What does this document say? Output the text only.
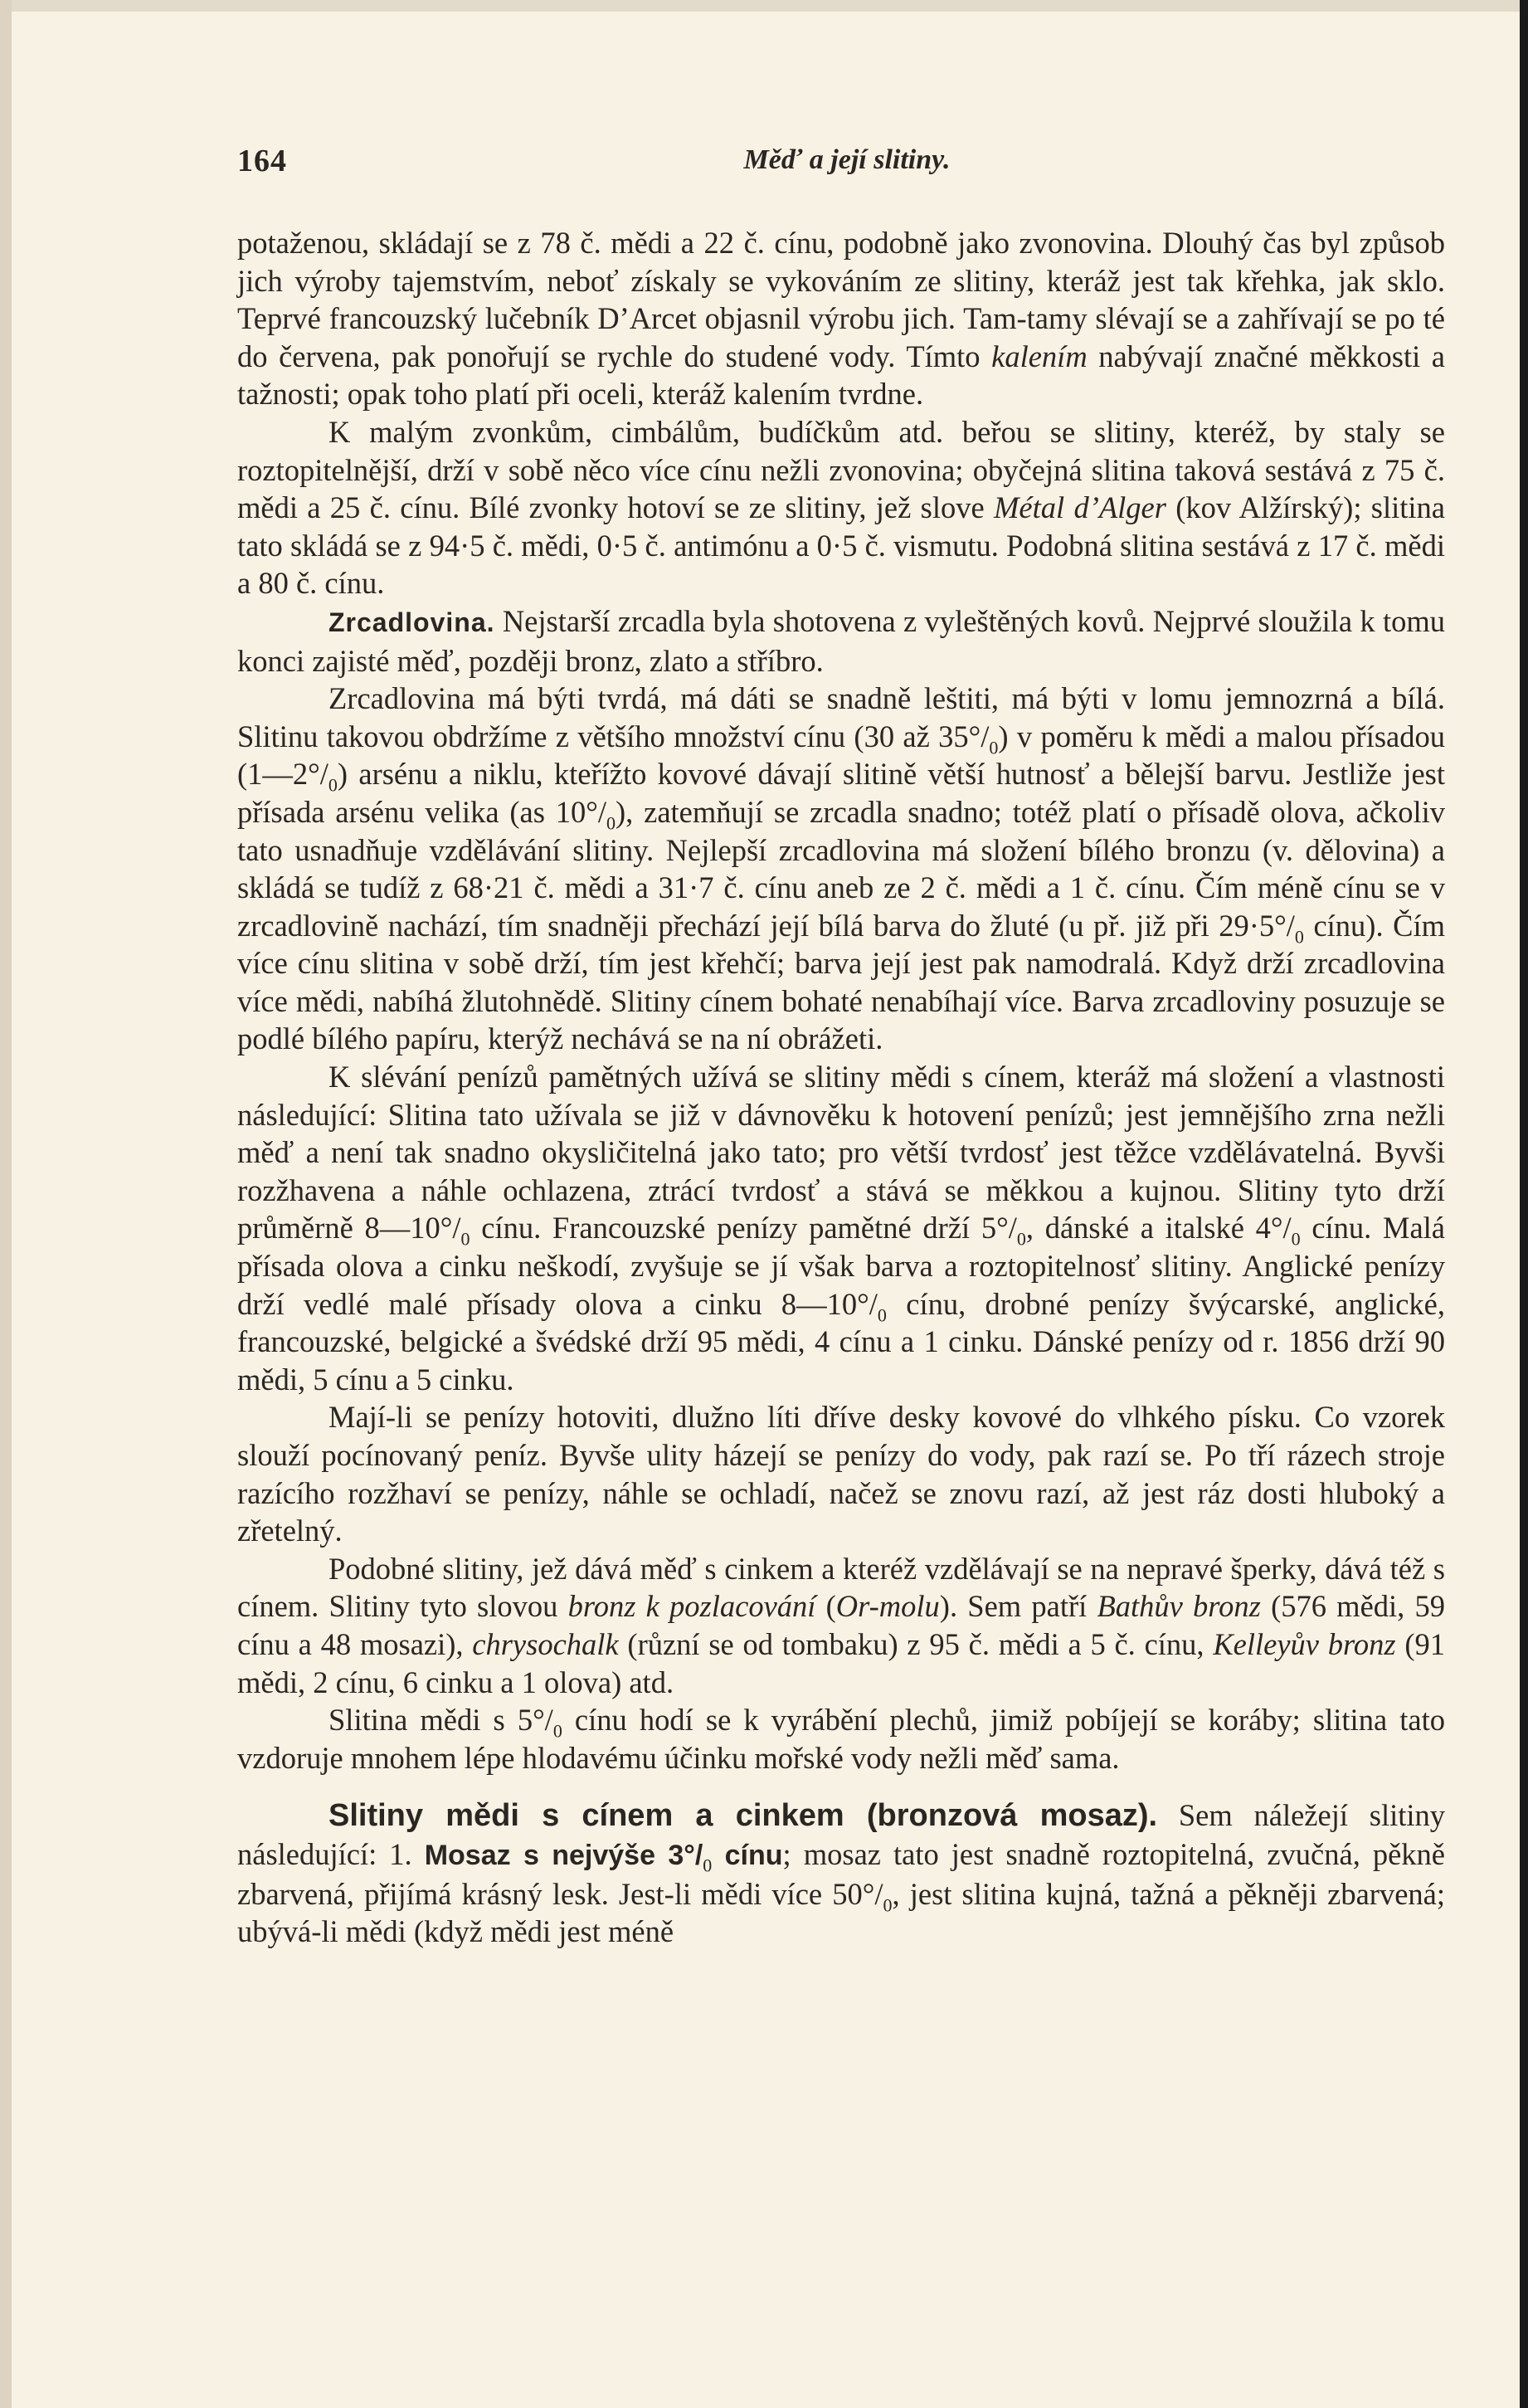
164	Měď a její slitiny.

potaženou, skládají se z 78 č. mědi a 22 č. cínu, podobně jako zvonovina. Dlouhý čas byl způsob jich výroby tajemstvím, neboť získaly se vykováním ze slitiny, kteráž jest tak křehka, jak sklo. Teprvé francouzský lučebník D’Arcet objasnil výrobu jich. Tam-tamy slévají se a zahřívají se po té do červena, pak ponořují se rychle do studené vody. Tímto kalením nabývají značné měkkosti a tažnosti; opak toho platí při oceli, kteráž kalením tvrdne.

K malým zvonkům, cimbálům, budíčkům atd. beřou se slitiny, kteréž, by staly se roztopitelnější, drží v sobě něco více cínu nežli zvonovina; obyčejná slitina taková sestává z 75 č. mědi a 25 č. cínu. Bílé zvonky hotoví se ze slitiny, jež slove Métal d’Alger (kov Alžírský); slitina tato skládá se z 94·5 č. mědi, 0·5 č. antimónu a 0·5 č. vismutu. Podobná slitina sestává z 17 č. mědi a 80 č. cínu.

Zrcadlovina. Nejstarší zrcadla byla shotovena z vyleštěných kovů. Nejprvé sloužila k tomu konci zajisté měď, později bronz, zlato a stříbro.

Zrcadlovina má býti tvrdá, má dáti se snadně leštiti, má býti v lomu jemnozrná a bílá. Slitinu takovou obdržíme z většího množství cínu (30 až $35^\circ/_0$) v poměru k mědi a malou přísadou $(1—2^\circ/_0)$ arsénu a niklu, kteřížto kovové dávají slitině větší hutnosť a bělejší barvu. Jestliže jest přísada arsénu velika (as $10^\circ/_0$), zatemňují se zrcadla snadno; totéž platí o přísadě olova, ačkoliv tato usnadňuje vzdělávání slitiny. Nejlepší zrcadlovina má složení bílého bronzu (v. dělovina) a skládá se tudíž z 68·21 č. mědi a 31·7 č. cínu aneb ze 2 č. mědi a 1 č. cínu. Čím méně cínu se v zrcadlovině nachází, tím snadněji přechází její bílá barva do žluté (u př. již při $29\cdot 5^\circ/_0$ cínu). Čím více cínu slitina v sobě drží, tím jest křehčí; barva její jest pak namodralá. Když drží zrcadlovina více mědi, nabíhá žlutohnědě. Slitiny cínem bohaté nenabíhají více. Barva zrcadloviny posuzuje se podlé bílého papíru, kterýž nechává se na ní obrážeti.

K slévání penízů pamětných užívá se slitiny mědi s cínem, kteráž má složení a vlastnosti následující: Slitina tato užívala se již v dávnověku k hotovení penízů; jest jemnějšího zrna nežli měď a není tak snadno okysličitelná jako tato; pro větší tvrdosť jest těžce vzdělávatelná. Byvši rozžhavena a náhle ochlazena, ztrácí tvrdosť a stává se měkkou a kujnou. Slitiny tyto drží průměrně $8—10^\circ/_0$ cínu. Francouzské penízy pamětné drží $5^\circ/_0$, dánské a italské $4^\circ/_0$ cínu. Malá přísada olova a cinku neškodí, zvyšuje se jí však barva a roztopitelnosť slitiny. Anglické penízy drží vedlé malé přísady olova a cinku $8—10^\circ/_0$ cínu, drobné penízy švýcarské, anglické, francouzské, belgické a švédské drží 95 mědi, 4 cínu a 1 cinku. Dánské penízy od r. 1856 drží 90 mědi, 5 cínu a 5 cinku.

Mají-li se penízy hotoviti, dlužno líti dříve desky kovové do vlhkého písku. Co vzorek slouží pocínovaný peníz. Byvše ulity házejí se penízy do vody, pak razí se. Po tří rázech stroje razícího rozžhaví se penízy, náhle se ochladí, načež se znovu razí, až jest ráz dosti hluboký a zřetelný.

Podobné slitiny, jež dává měď s cinkem a kteréž vzdělávají se na nepravé šperky, dává též s cínem. Slitiny tyto slovou bronz k pozlacování (Or-molu). Sem patří Bathův bronz (576 mědi, 59 cínu a 48 mosazi), chrysochalk (různí se od tombaku) z 95 č. mědi a 5 č. cínu, Kelleyův bronz (91 mědi, 2 cínu, 6 cinku a 1 olova) atd.

Slitina mědi s $5^\circ/_0$ cínu hodí se k vyrábění plechů, jimiž pobíjejí se koráby; slitina tato vzdoruje mnohem lépe hlodavému účinku mořské vody nežli měď sama.

Slitiny mědi s cínem a cinkem (bronzová mosaz). Sem náležejí slitiny následující: 1. Mosaz s nejvýše $3^\circ/_0$ cínu; mosaz tato jest snadně roztopitelná, zvučná, pěkně zbarvená, přijímá krásný lesk. Jest-li mědi více $50^\circ/_0$, jest slitina kujná, tažná a pěkněji zbarvená; ubývá-li mědi (když mědi jest méně
